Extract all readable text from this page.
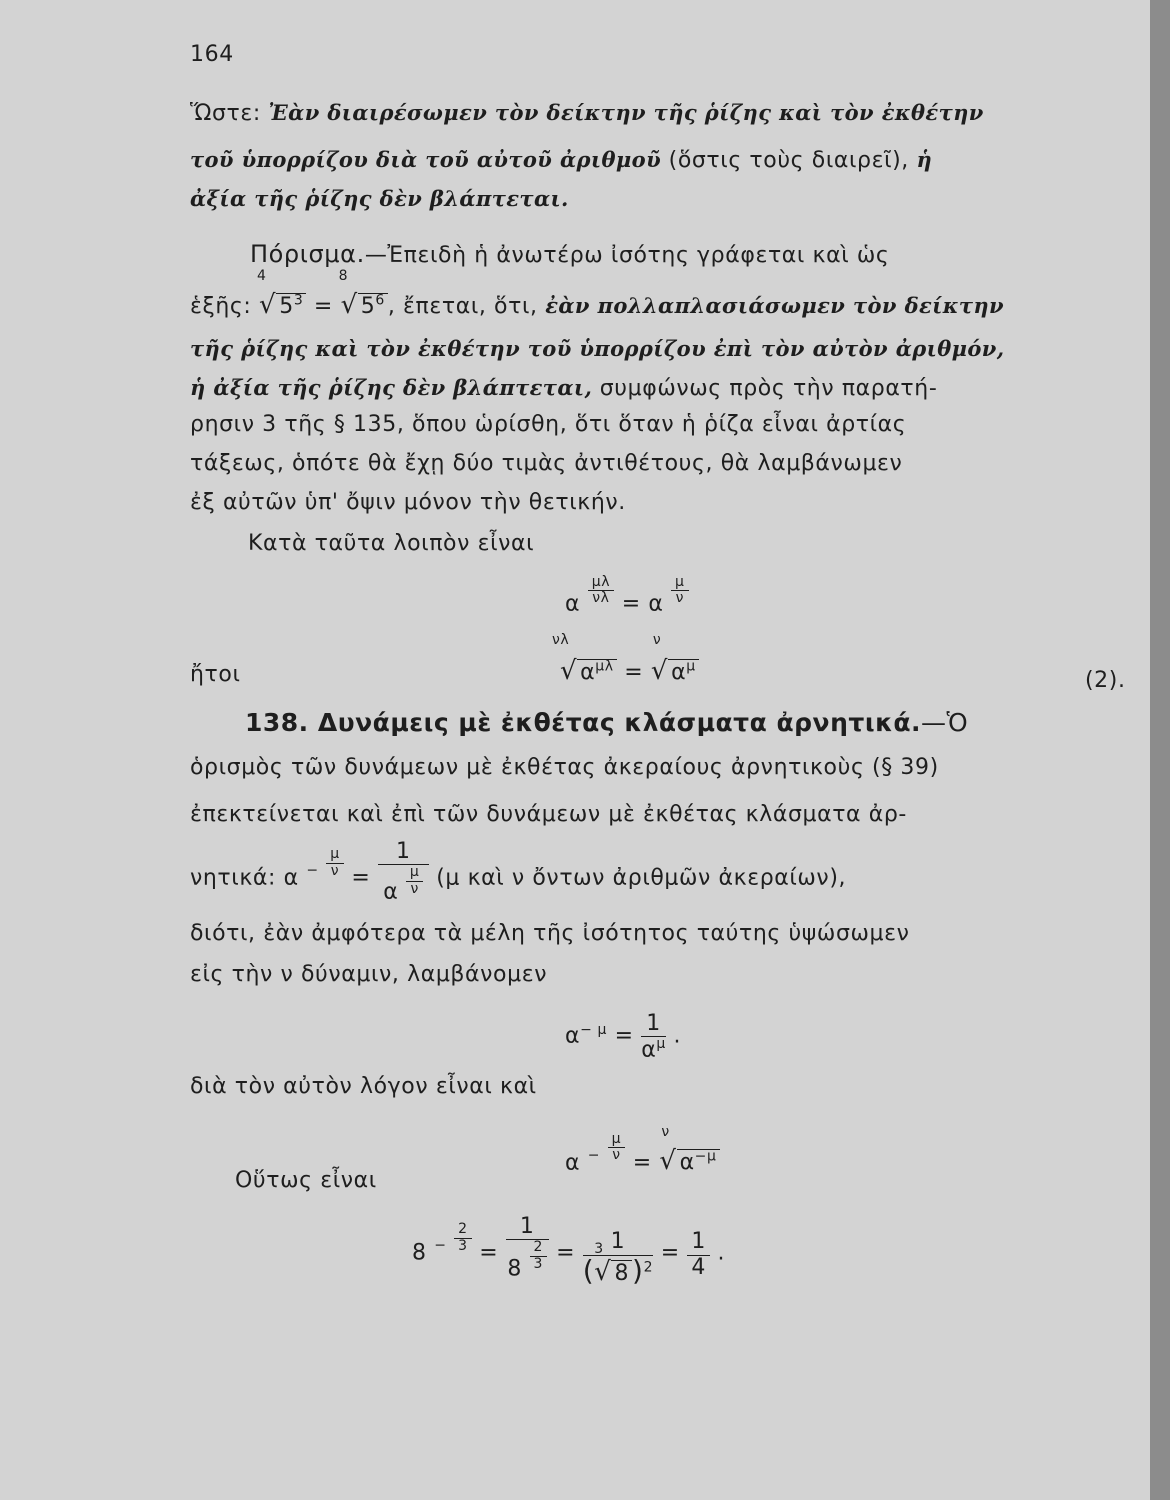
164
Ὥστε: Ἐὰν διαιρέσωμεν τὸν δείκτην τῆς ῥίζης καὶ τὸν ἐκθέτην
τοῦ ὑπορρίζου διὰ τοῦ αὐτοῦ ἀριθμοῦ (ὅστις τοὺς διαιρεῖ), ἡ
ἀξία τῆς ῥίζης δὲν βλάπτεται.
Πόρισμα.—Ἐπειδὴ ἡ ἀνωτέρω ἰσότης γράφεται καὶ ὡς
ἑξῆς:
4
√ $5^3$ =
8
√ $5^6$ , ἔπεται, ὅτι, ἐὰν πολλαπλασιάσωμεν τὸν δείκτην
τῆς ῥίζης καὶ τὸν ἐκθέτην τοῦ ὑπορρίζου ἐπὶ τὸν αὐτὸν ἀριθμόν,
ἡ ἀξία τῆς ῥίζης δὲν βλάπτεται, συμφώνως πρὸς τὴν παρατή-
ρησιν 3 τῆς § 135, ὅπου ὡρίσθη, ὅτι ὅταν ἡ ῥίζα εἶναι ἀρτίας
τάξεως, ὁπότε θὰ ἔχῃ δύο τιμὰς ἀντιθέτους, θὰ λαμβάνωμεν
ἐξ αὐτῶν ὑπ' ὄψιν μόνον τὴν θετικήν.
Κατὰ ταῦτα λοιπὸν εἶναι
α $\frac{\mu\lambda}{\nu\lambda} = \alpha \frac{\mu}{\nu}$
ἤτοι
νλ
√ $\alpha^{\mu\lambda}$ =
ν
√ $\alpha^\mu$
(2).
138. Δυνάμεις μὲ ἐκθέτας κλάσματα ἀρνητικά.—Ὁ
ὁρισμὸς τῶν δυνάμεων μὲ ἐκθέτας ἀκεραίους ἀρνητικοὺς (§ 39)
ἐπεκτείνεται καὶ ἐπὶ τῶν δυνάμεων μὲ ἐκθέτας κλάσματα ἀρ-
νητικά: α $^- \frac{\mu}{\nu} = \frac{1}{\alpha \frac{\mu}{\nu}} (\mu$ καὶ ν ὄντων ἀριθμῶν ἀκεραίων),
διότι, ἐὰν ἀμφότερα τὰ μέλη τῆς ἰσότητος ταύτης ὑψώσωμεν
εἰς τὴν ν δύναμιν, λαμβάνομεν
$\alpha^{- \mu} = \frac{1}{\alpha^\mu}$ .
διὰ τὸν αὐτὸν λόγον εἶναι καὶ
α $^- \frac{\mu}{\nu}$ =
ν
√ $\alpha^{-\mu}$
Οὕτως εἶναι
8 $^- \frac{2}{3} = \frac{1}{8 \frac{2}{3}} = 1$
(
3
√ 8 )$^2 = \frac{1}{4}$ .
